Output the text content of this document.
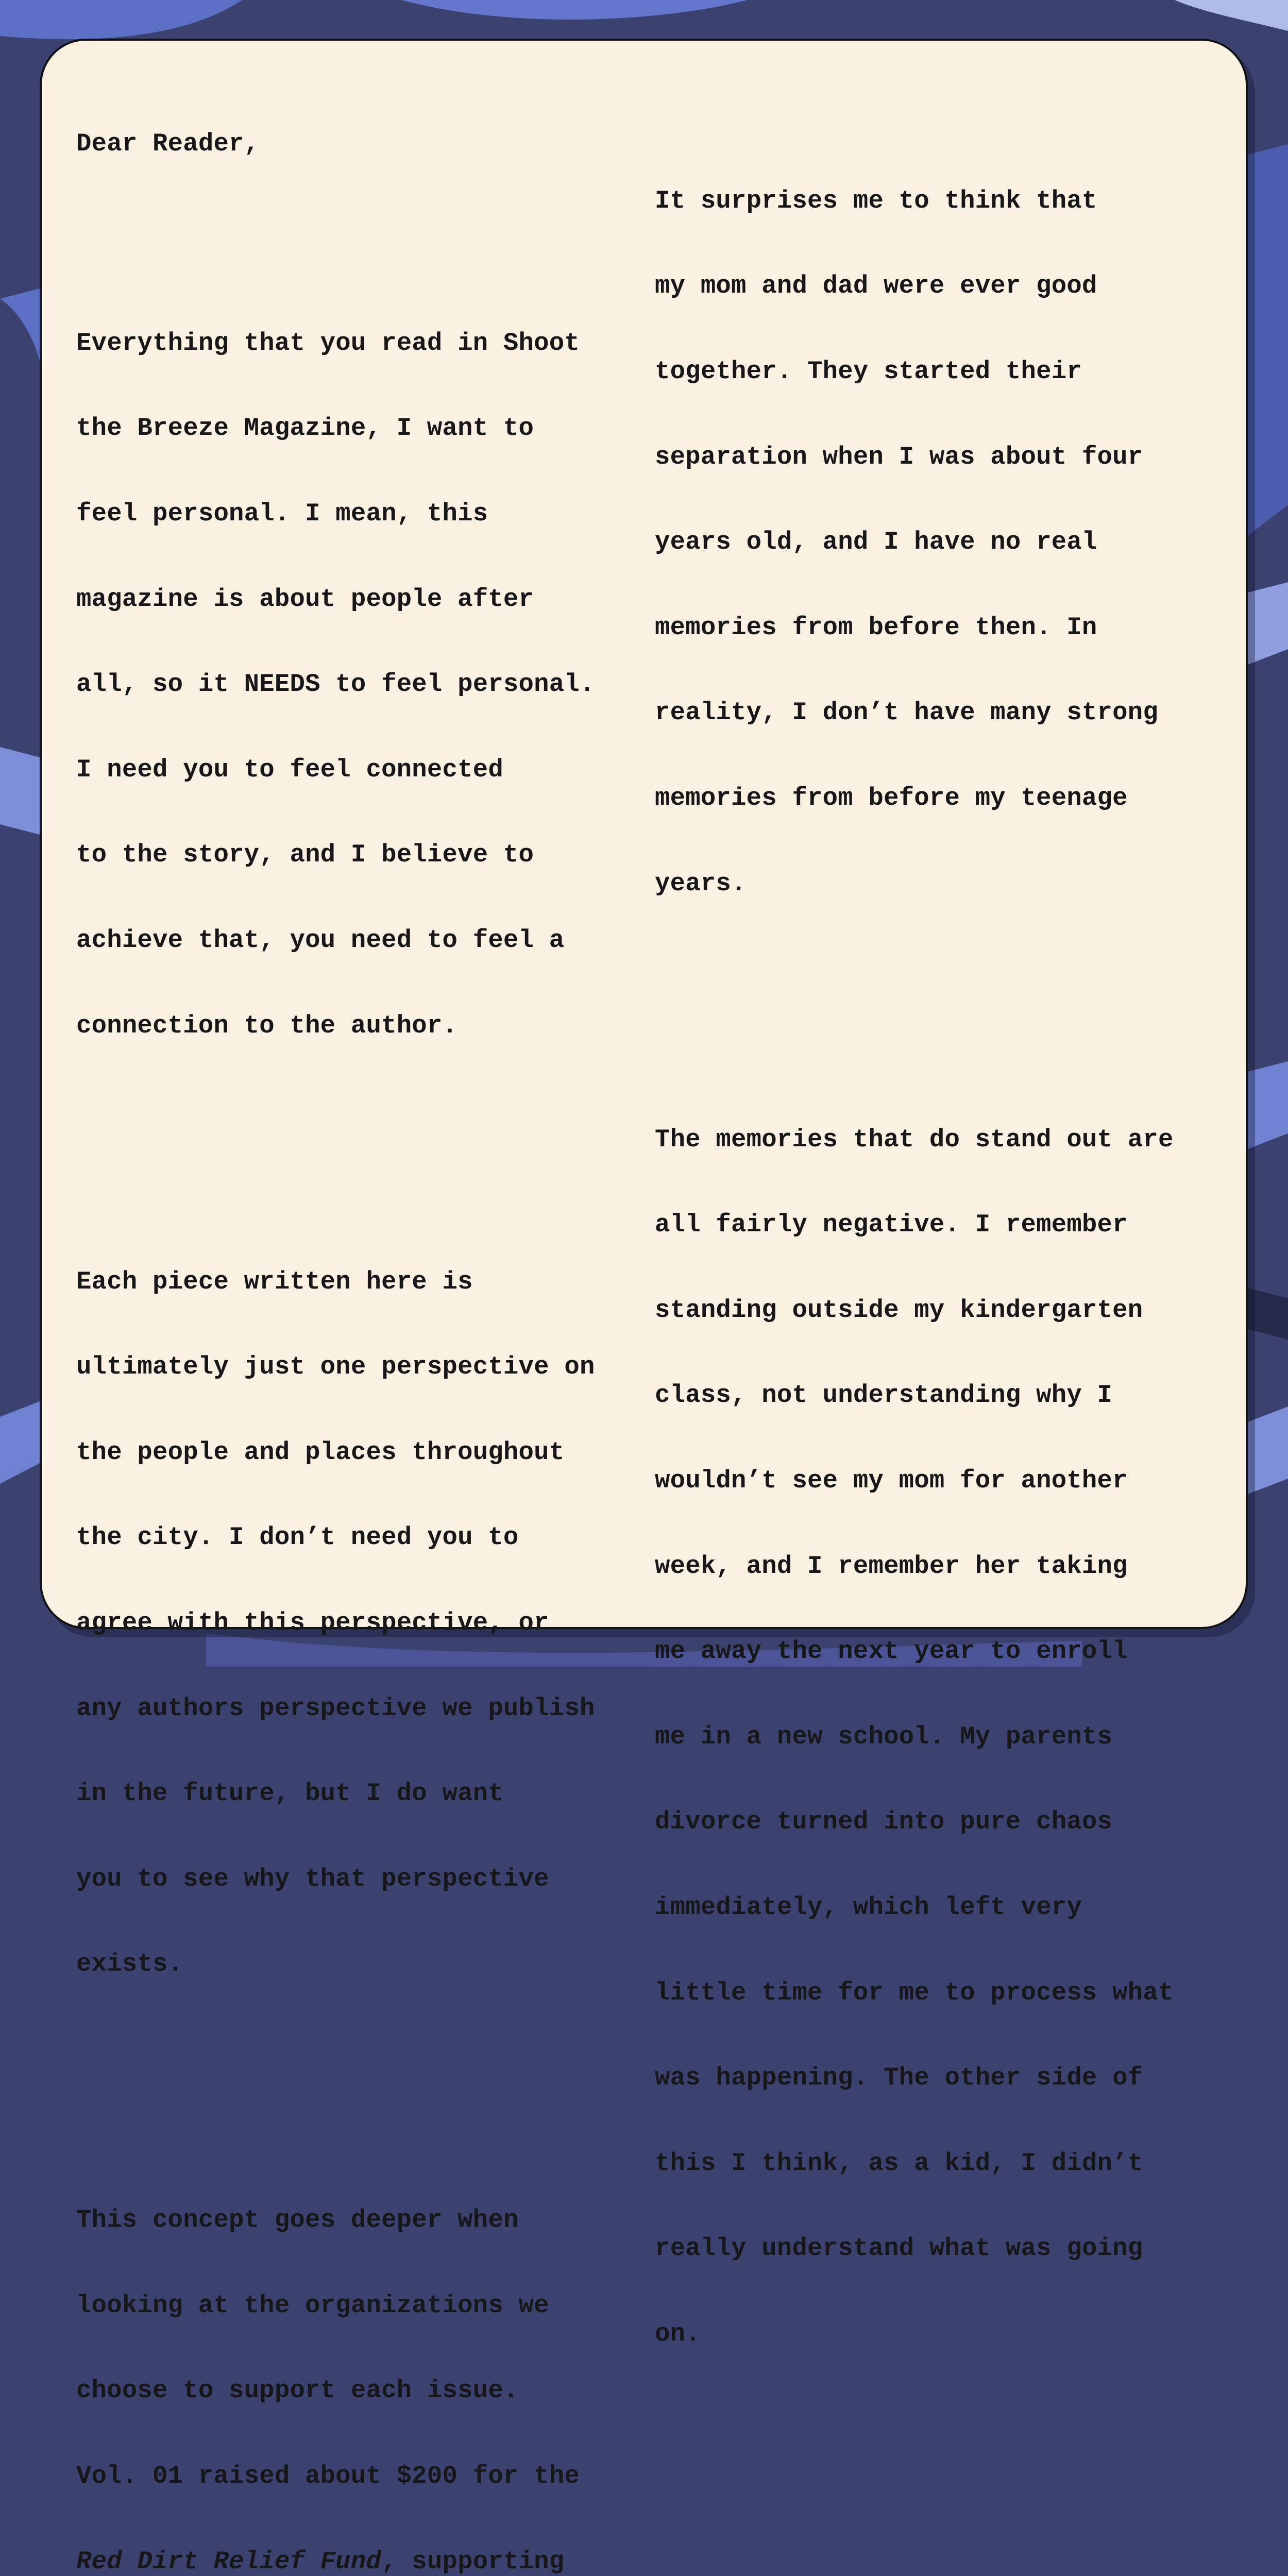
Dear Reader,

Everything that you read in Shoot

the Breeze Magazine, I want to

feel personal. I mean, this

magazine is about people after

all, so it NEEDS to feel personal.

I need you to feel connected

to the story, and I believe to

achieve that, you need to feel a

connection to the author.

Each piece written here is

ultimately just one perspective on

the people and places throughout

the city. I don’t need you to

agree with this perspective, or

any authors perspective we publish

in the future, but I do want

you to see why that perspective

exists.

This concept goes deeper when

looking at the organizations we

choose to support each issue.

Vol. 01 raised about $200 for the

Red Dirt Relief Fund, supporting

It surprises me to think that

my mom and dad were ever good

together. They started their

separation when I was about four

years old, and I have no real

memories from before then. In

reality, I don’t have many strong

memories from before my teenage

years.

The memories that do stand out are

all fairly negative. I remember

standing outside my kindergarten

class, not understanding why I

wouldn’t see my mom for another

week, and I remember her taking

me away the next year to enroll

me in a new school. My parents

divorce turned into pure chaos

immediately, which left very

little time for me to process what

was happening. The other side of

this I think, as a kid, I didn’t

really understand what was going

on.
